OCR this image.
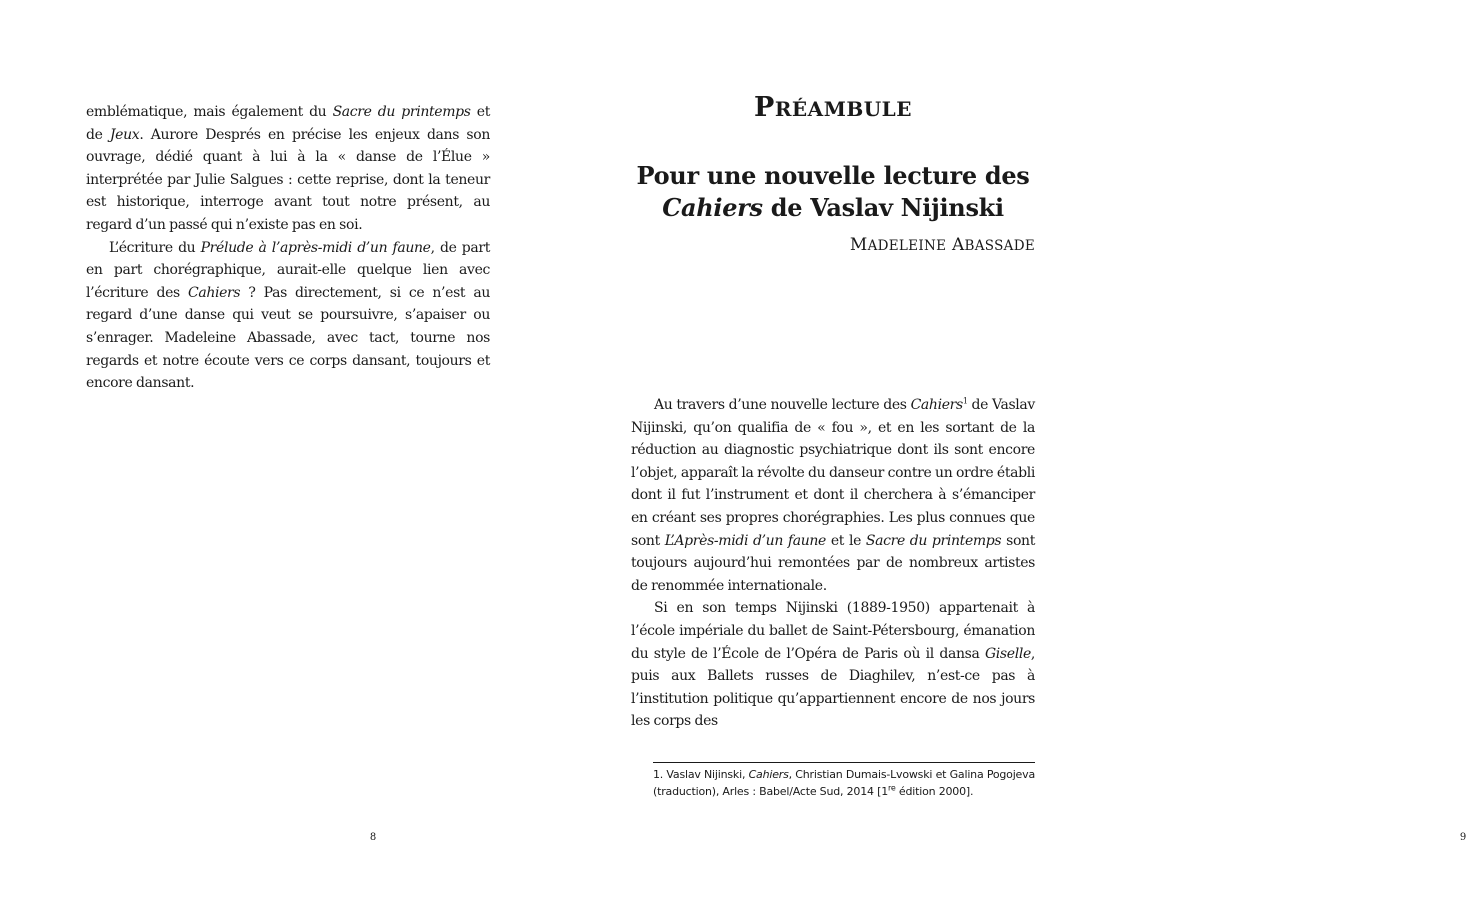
emblématique, mais également du Sacre du printemps et de Jeux. Aurore Després en précise les enjeux dans son ouvrage, dédié quant à lui à la « danse de l’Élue » interprétée par Julie Salgues : cette reprise, dont la teneur est historique, interroge avant tout notre présent, au regard d’un passé qui n’existe pas en soi.

L’écriture du Prélude à l’après-midi d’un faune, de part en part chorégraphique, aurait-elle quelque lien avec l’écriture des Cahiers ? Pas directement, si ce n’est au regard d’une danse qui veut se poursuivre, s’apaiser ou s’enrager. Madeleine Abassade, avec tact, tourne nos regards et notre écoute vers ce corps dansant, toujours et encore dansant.

8
PRÉAMBULE
Pour une nouvelle lecture des
Cahiers de Vaslav Nijinski
MADELEINE ABASSADE

Au travers d’une nouvelle lecture des Cahiers$^1$ de Vaslav Nijinski, qu’on qualifia de « fou », et en les sortant de la réduction au diagnostic psychiatrique dont ils sont encore l’objet, apparaît la révolte du danseur contre un ordre établi dont il fut l’instrument et dont il cherchera à s’émanciper en créant ses propres chorégraphies. Les plus connues que sont L’Après-midi d’un faune et le Sacre du printemps sont toujours aujourd’hui remontées par de nombreux artistes de renommée internationale.

Si en son temps Nijinski (1889-1950) appartenait à l’école impériale du ballet de Saint-Pétersbourg, émanation du style de l’École de l’Opéra de Paris où il dansa Giselle, puis aux Ballets russes de Diaghilev, n’est-ce pas à l’institution politique qu’appartiennent encore de nos jours les corps des

1. Vaslav Nijinski, Cahiers, Christian Dumais-Lvowski et Galina Pogojeva (traduction), Arles : Babel/Acte Sud, 2014 [1re édition 2000].

9
